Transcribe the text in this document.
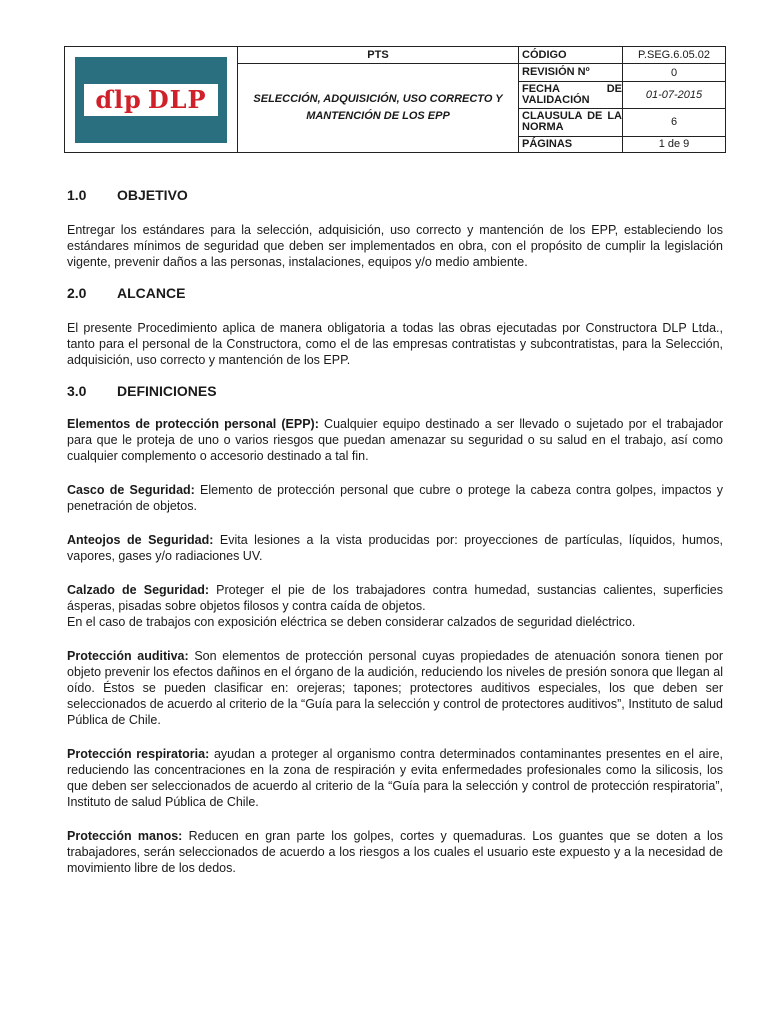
ɗlp DLP	PTS	CÓDIGO	P.SEG.6.05.02
	SELECCIÓN, ADQUISICIÓN, USO CORRECTO Y MANTENCIÓN DE LOS EPP	REVISIÓN Nº	0
		FECHA DE VALIDACIÓN	01-07-2015
		CLAUSULA DE LA NORMA	6
		PÁGINAS	1 de 9
1.0	OBJETIVO

Entregar los estándares para la selección, adquisición, uso correcto y mantención de los EPP, estableciendo los estándares mínimos de seguridad que deben ser implementados en obra, con el propósito de cumplir la legislación vigente, prevenir daños a las personas, instalaciones, equipos y/o medio ambiente.

2.0	ALCANCE

El presente Procedimiento aplica de manera obligatoria a todas las obras ejecutadas por Constructora DLP Ltda., tanto para el personal de la Constructora, como el de las empresas contratistas y subcontratistas, para la Selección, adquisición, uso correcto y mantención de los EPP.

3.0	DEFINICIONES

Elementos de protección personal (EPP): Cualquier equipo destinado a ser llevado o sujetado por el trabajador para que le proteja de uno o varios riesgos que puedan amenazar su seguridad o su salud en el trabajo, así como cualquier complemento o accesorio destinado a tal fin.

Casco de Seguridad: Elemento de protección personal que cubre o protege la cabeza contra golpes, impactos y penetración de objetos.

Anteojos de Seguridad: Evita lesiones a la vista producidas por: proyecciones de partículas, líquidos, humos, vapores, gases y/o radiaciones UV.

Calzado de Seguridad: Proteger el pie de los trabajadores contra humedad, sustancias calientes, superficies ásperas, pisadas sobre objetos filosos y contra caída de objetos.

En el caso de trabajos con exposición eléctrica se deben considerar calzados de seguridad dieléctrico.

Protección auditiva: Son elementos de protección personal cuyas propiedades de atenuación sonora tienen por objeto prevenir los efectos dañinos en el órgano de la audición, reduciendo los niveles de presión sonora que llegan al oído. Éstos se pueden clasificar en: orejeras; tapones; protectores auditivos especiales, los que deben ser seleccionados de acuerdo al criterio de la “Guía para la selección y control de protectores auditivos”, Instituto de salud Pública de Chile.

Protección respiratoria: ayudan a proteger al organismo contra determinados contaminantes presentes en el aire, reduciendo las concentraciones en la zona de respiración y evita enfermedades profesionales como la silicosis, los que deben ser seleccionados de acuerdo al criterio de la “Guía para la selección y control de protección respiratoria”, Instituto de salud Pública de Chile.

Protección manos: Reducen en gran parte los golpes, cortes y quemaduras. Los guantes que se doten a los trabajadores, serán seleccionados de acuerdo a los riesgos a los cuales el usuario este expuesto y a la necesidad de movimiento libre de los dedos.
